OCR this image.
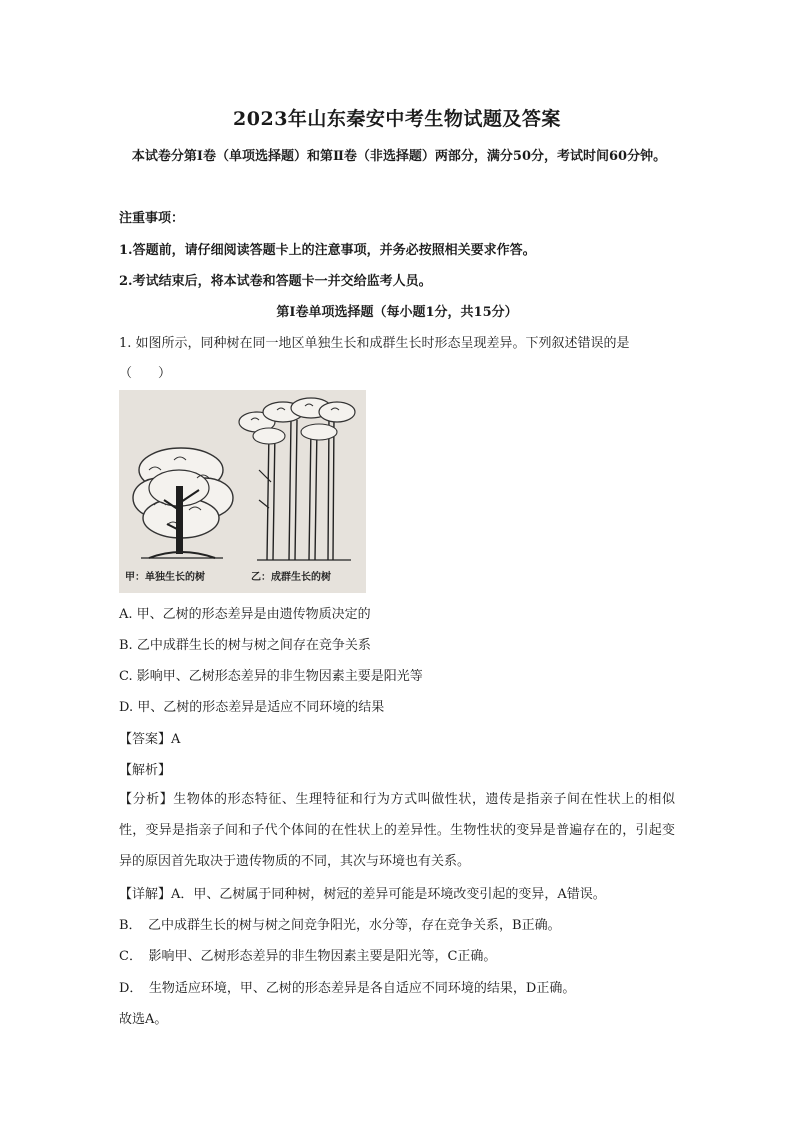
2023年山东秦安中考生物试题及答案
本试卷分第Ⅰ卷（单项选择题）和第Ⅱ卷（非选择题）两部分，满分50分，考试时间60分钟。
注重事项：
1.答题前，请仔细阅读答题卡上的注意事项，并务必按照相关要求作答。
2.考试结束后，将本试卷和答题卡一并交给监考人员。
第Ⅰ卷单项选择题（每小题1分，共15分）
1. 如图所示，同种树在同一地区单独生长和成群生长时形态呈现差异。下列叙述错误的是
（　　）
甲：单独生长的树	乙：成群生长的树
A. 甲、乙树的形态差异是由遗传物质决定的
B. 乙中成群生长的树与树之间存在竞争关系
C. 影响甲、乙树形态差异的非生物因素主要是阳光等
D. 甲、乙树的形态差异是适应不同环境的结果
【答案】A
【解析】
【分析】生物体的形态特征、生理特征和行为方式叫做性状，遗传是指亲子间在性状上的相似性，变异是指亲子间和子代个体间的在性状上的差异性。生物性状的变异是普遍存在的，引起变异的原因首先取决于遗传物质的不同，其次与环境也有关系。
【详解】A．甲、乙树属于同种树，树冠的差异可能是环境改变引起的变异，A错误。
B．　乙中成群生长的树与树之间竞争阳光，水分等，存在竞争关系，B正确。
C．　影响甲、乙树形态差异的非生物因素主要是阳光等，C正确。
D．　生物适应环境，甲、乙树的形态差异是各自适应不同环境的结果，D正确。
故选A。
